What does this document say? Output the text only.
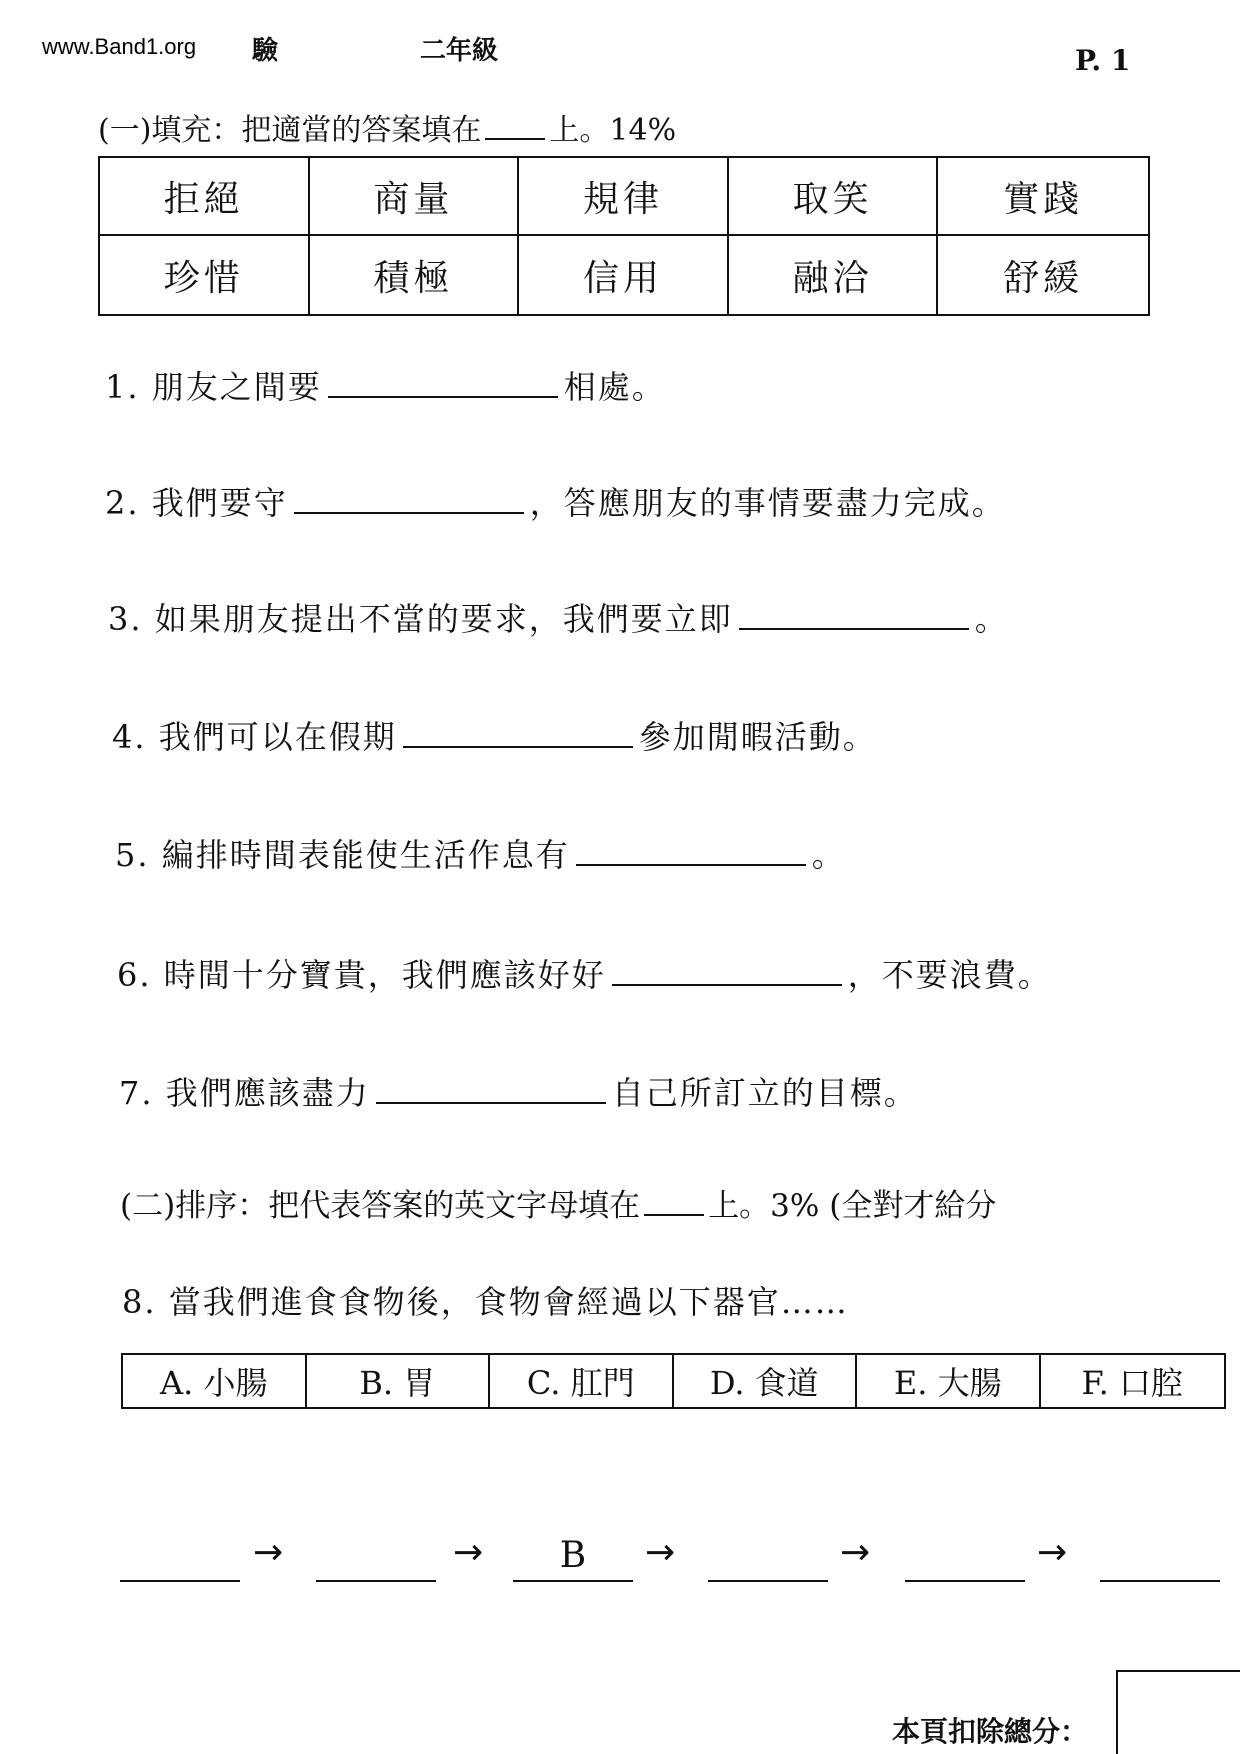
www.Band1.org 驗	二年級	P. 1
(一)填充：把適當的答案填在 上。14%
拒絕	商量	規律	取笑	實踐
珍惜	積極	信用	融洽	舒緩
1. 朋友之間要	相處。
2. 我們要守	，答應朋友的事情要盡力完成。
3. 如果朋友提出不當的要求，我們要立即	。
4. 我們可以在假期	參加閒暇活動。
5. 編排時間表能使生活作息有	。
6. 時間十分寶貴，我們應該好好	，不要浪費。
7. 我們應該盡力	自己所訂立的目標。
(二)排序：把代表答案的英文字母填在 上。3% (全對才給分
8. 當我們進食食物後，食物會經過以下器官……
A. 小腸	B. 胃	C. 肛門	D. 食道	E. 大腸	F. 口腔
→	→	B	→	→	→
本頁扣除總分：
